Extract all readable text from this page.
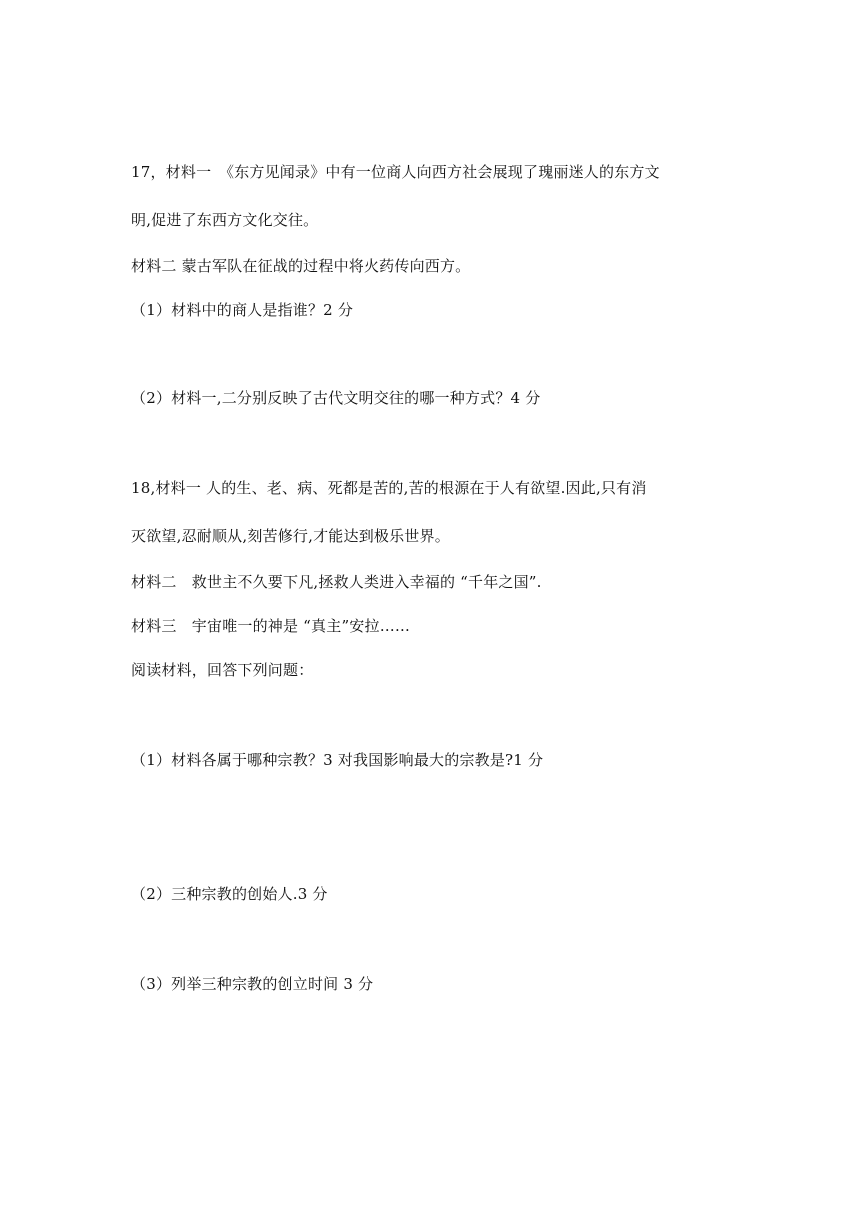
17，材料一　《东方见闻录》中有一位商人向西方社会展现了瑰丽迷人的东方文
明,促进了东西方文化交往。
材料二 蒙古军队在征战的过程中将火药传向西方。
（1）材料中的商人是指谁？2 分
（2）材料一,二分别反映了古代文明交往的哪一种方式？4 分
18,材料一 人的生、老、病、死都是苦的,苦的根源在于人有欲望.因此,只有消
灭欲望,忍耐顺从,刻苦修行,才能达到极乐世界。
材料二　救世主不久要下凡,拯救人类进入幸福的 “千年之国”.
材料三　宇宙唯一的神是 “真主”安拉……
阅读材料，回答下列问题：
（1）材料各属于哪种宗教？3 对我国影响最大的宗教是?1 分
（2）三种宗教的创始人.3 分
（3）列举三种宗教的创立时间 3 分
